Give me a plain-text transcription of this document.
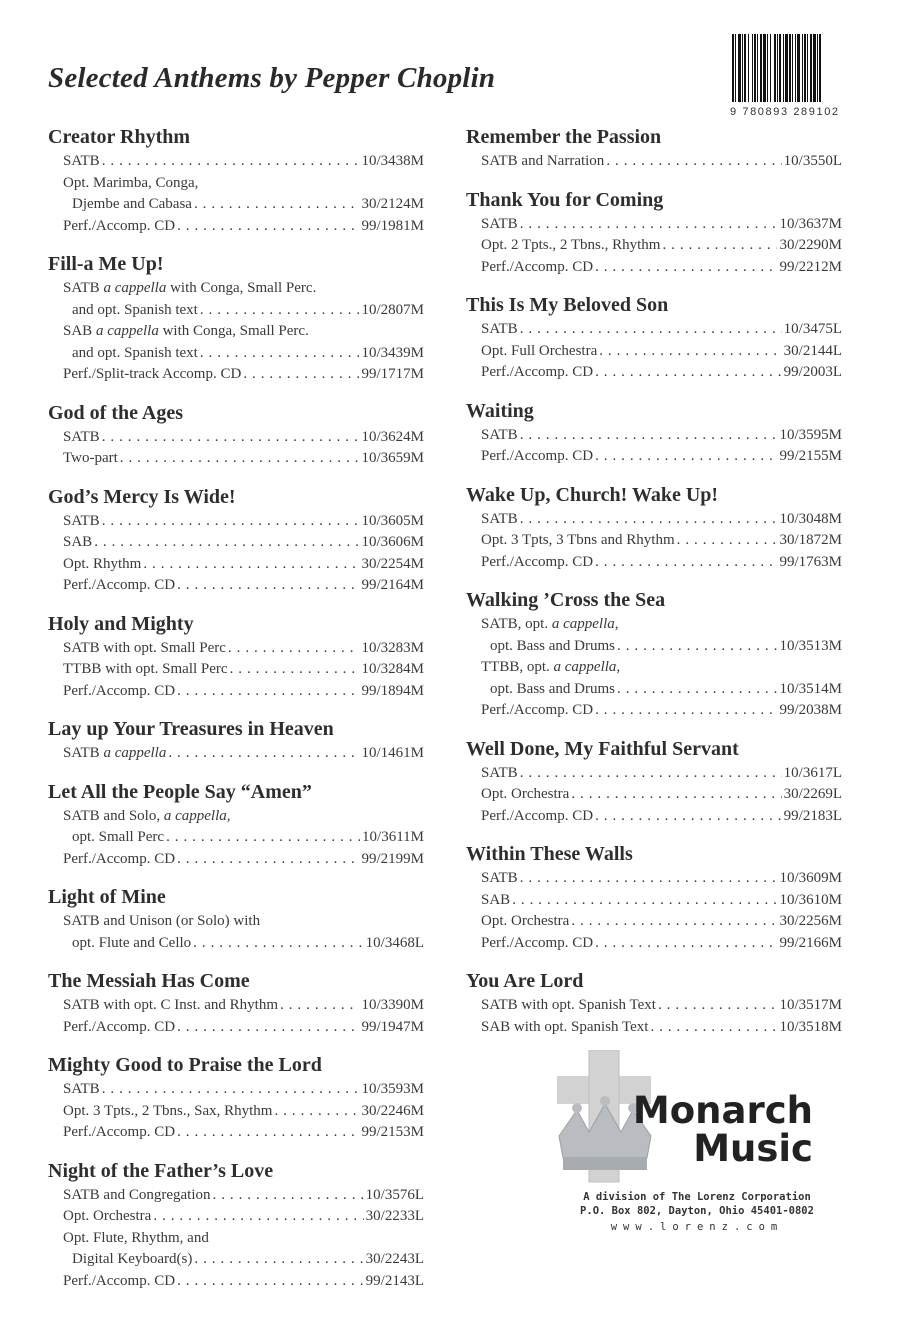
Selected Anthems by Pepper Choplin
9 780893 289102
Creator Rhythm
SATB . . .	10/3438M
Opt. Marimba, Conga,
Djembe and Cabasa . . .	30/2124M
Perf./Accomp. CD . . .	99/1981M
Fill-a Me Up!
SATB a cappella with Conga, Small Perc.
and opt. Spanish text . . .	10/2807M
SAB a cappella with Conga, Small Perc.
and opt. Spanish text . . .	10/3439M
Perf./Split-track Accomp. CD . . .	99/1717M
God of the Ages
SATB . . .	10/3624M
Two-part . . .	10/3659M
God’s Mercy Is Wide!
SATB . . .	10/3605M
SAB . . .	10/3606M
Opt. Rhythm . . .	30/2254M
Perf./Accomp. CD . . .	99/2164M
Holy and Mighty
SATB with opt. Small Perc . . .	10/3283M
TTBB with opt. Small Perc . . .	10/3284M
Perf./Accomp. CD . . .	99/1894M
Lay up Your Treasures in Heaven
SATB a cappella . . .	10/1461M
Let All the People Say “Amen”
SATB and Solo, a cappella,
opt. Small Perc . . .	10/3611M
Perf./Accomp. CD . . .	99/2199M
Light of Mine
SATB and Unison (or Solo) with
opt. Flute and Cello . . .	10/3468L
The Messiah Has Come
SATB with opt. C Inst. and Rhythm . . .	10/3390M
Perf./Accomp. CD . . .	99/1947M
Mighty Good to Praise the Lord
SATB . . .	10/3593M
Opt. 3 Tpts., 2 Tbns., Sax, Rhythm . . .	30/2246M
Perf./Accomp. CD . . .	99/2153M
Night of the Father’s Love
SATB and Congregation . . .	10/3576L
Opt. Orchestra . . .	30/2233L
Opt. Flute, Rhythm, and
Digital Keyboard(s) . . .	30/2243L
Perf./Accomp. CD . . .	99/2143L
Remember the Passion
SATB and Narration . . .	10/3550L
Thank You for Coming
SATB . . .	10/3637M
Opt. 2 Tpts., 2 Tbns., Rhythm . . .	30/2290M
Perf./Accomp. CD . . .	99/2212M
This Is My Beloved Son
SATB . . .	10/3475L
Opt. Full Orchestra . . .	30/2144L
Perf./Accomp. CD . . .	99/2003L
Waiting
SATB . . .	10/3595M
Perf./Accomp. CD . . .	99/2155M
Wake Up, Church! Wake Up!
SATB . . .	10/3048M
Opt. 3 Tpts, 3 Tbns and Rhythm . . .	30/1872M
Perf./Accomp. CD . . .	99/1763M
Walking ’Cross the Sea
SATB, opt. a cappella,
opt. Bass and Drums . . .	10/3513M
TTBB, opt. a cappella,
opt. Bass and Drums . . .	10/3514M
Perf./Accomp. CD . . .	99/2038M
Well Done, My Faithful Servant
SATB . . .	10/3617L
Opt. Orchestra . . .	30/2269L
Perf./Accomp. CD . . .	99/2183L
Within These Walls
SATB . . .	10/3609M
SAB . . .	10/3610M
Opt. Orchestra . . .	30/2256M
Perf./Accomp. CD . . .	99/2166M
You Are Lord
SATB with opt. Spanish Text . . .	10/3517M
SAB with opt. Spanish Text . . .	10/3518M
Monarch
Music
A division of The Lorenz Corporation
P.O. Box 802, Dayton, Ohio 45401-0802
www.lorenz.com
